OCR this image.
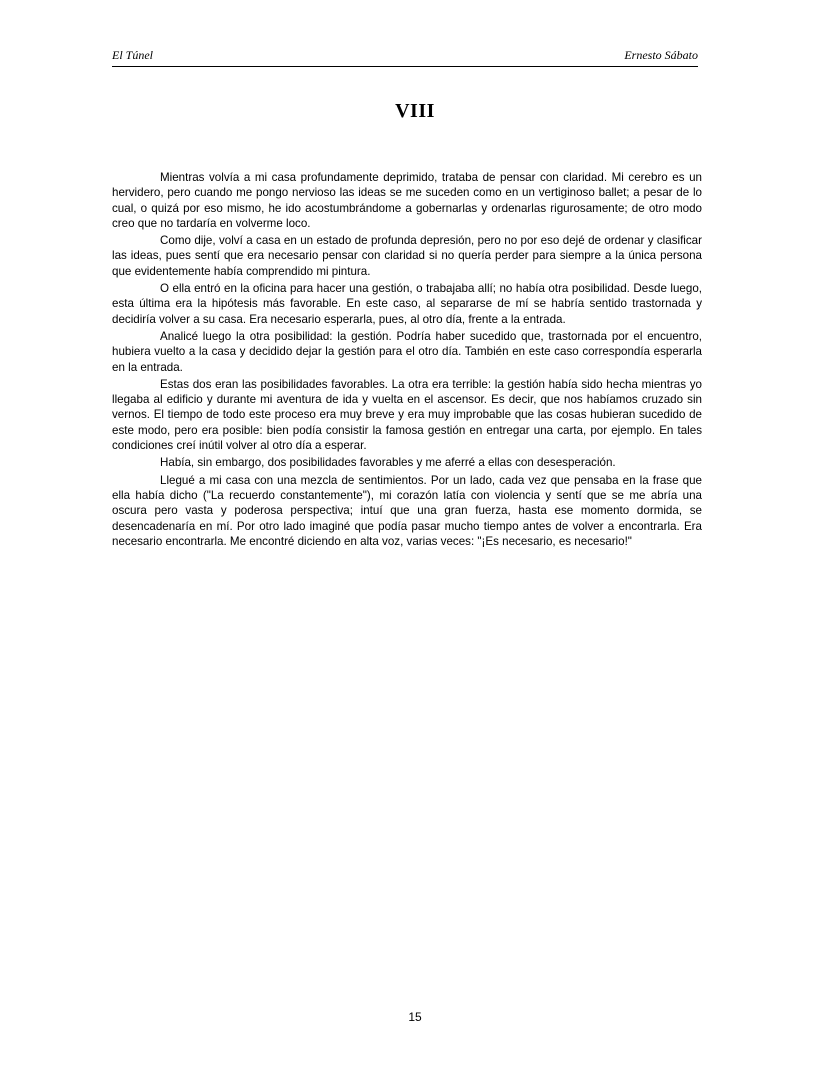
El Túnel	Ernesto Sábato
VIII

Mientras volvía a mi casa profundamente deprimido, trataba de pensar con claridad. Mi cerebro es un hervidero, pero cuando me pongo nervioso las ideas se me suceden como en un vertiginoso ballet; a pesar de lo cual, o quizá por eso mismo, he ido acostumbrándome a gobernarlas y ordenarlas rigurosamente; de otro modo creo que no tardaría en volverme loco.

Como dije, volví a casa en un estado de profunda depresión, pero no por eso dejé de ordenar y clasificar las ideas, pues sentí que era necesario pensar con claridad si no quería perder para siempre a la única persona que evidentemente había comprendido mi pintura.

O ella entró en la oficina para hacer una gestión, o trabajaba allí; no había otra posibilidad. Desde luego, esta última era la hipótesis más favorable. En este caso, al separarse de mí se habría sentido trastornada y decidiría volver a su casa. Era necesario esperarla, pues, al otro día, frente a la entrada.

Analicé luego la otra posibilidad: la gestión. Podría haber sucedido que, trastornada por el encuentro, hubiera vuelto a la casa y decidido dejar la gestión para el otro día. También en este caso correspondía esperarla en la entrada.

Estas dos eran las posibilidades favorables. La otra era terrible: la gestión había sido hecha mientras yo llegaba al edificio y durante mi aventura de ida y vuelta en el ascensor. Es decir, que nos habíamos cruzado sin vernos. El tiempo de todo este proceso era muy breve y era muy improbable que las cosas hubieran sucedido de este modo, pero era posible: bien podía consistir la famosa gestión en entregar una carta, por ejemplo. En tales condiciones creí inútil volver al otro día a esperar.

Había, sin embargo, dos posibilidades favorables y me aferré a ellas con desesperación.

Llegué a mi casa con una mezcla de sentimientos. Por un lado, cada vez que pensaba en la frase que ella había dicho ("La recuerdo constantemente"), mi corazón latía con violencia y sentí que se me abría una oscura pero vasta y poderosa perspectiva; intuí que una gran fuerza, hasta ese momento dormida, se desencadenaría en mí. Por otro lado imaginé que podía pasar mucho tiempo antes de volver a encontrarla. Era necesario encontrarla. Me encontré diciendo en alta voz, varias veces: "¡Es necesario, es necesario!"

15
